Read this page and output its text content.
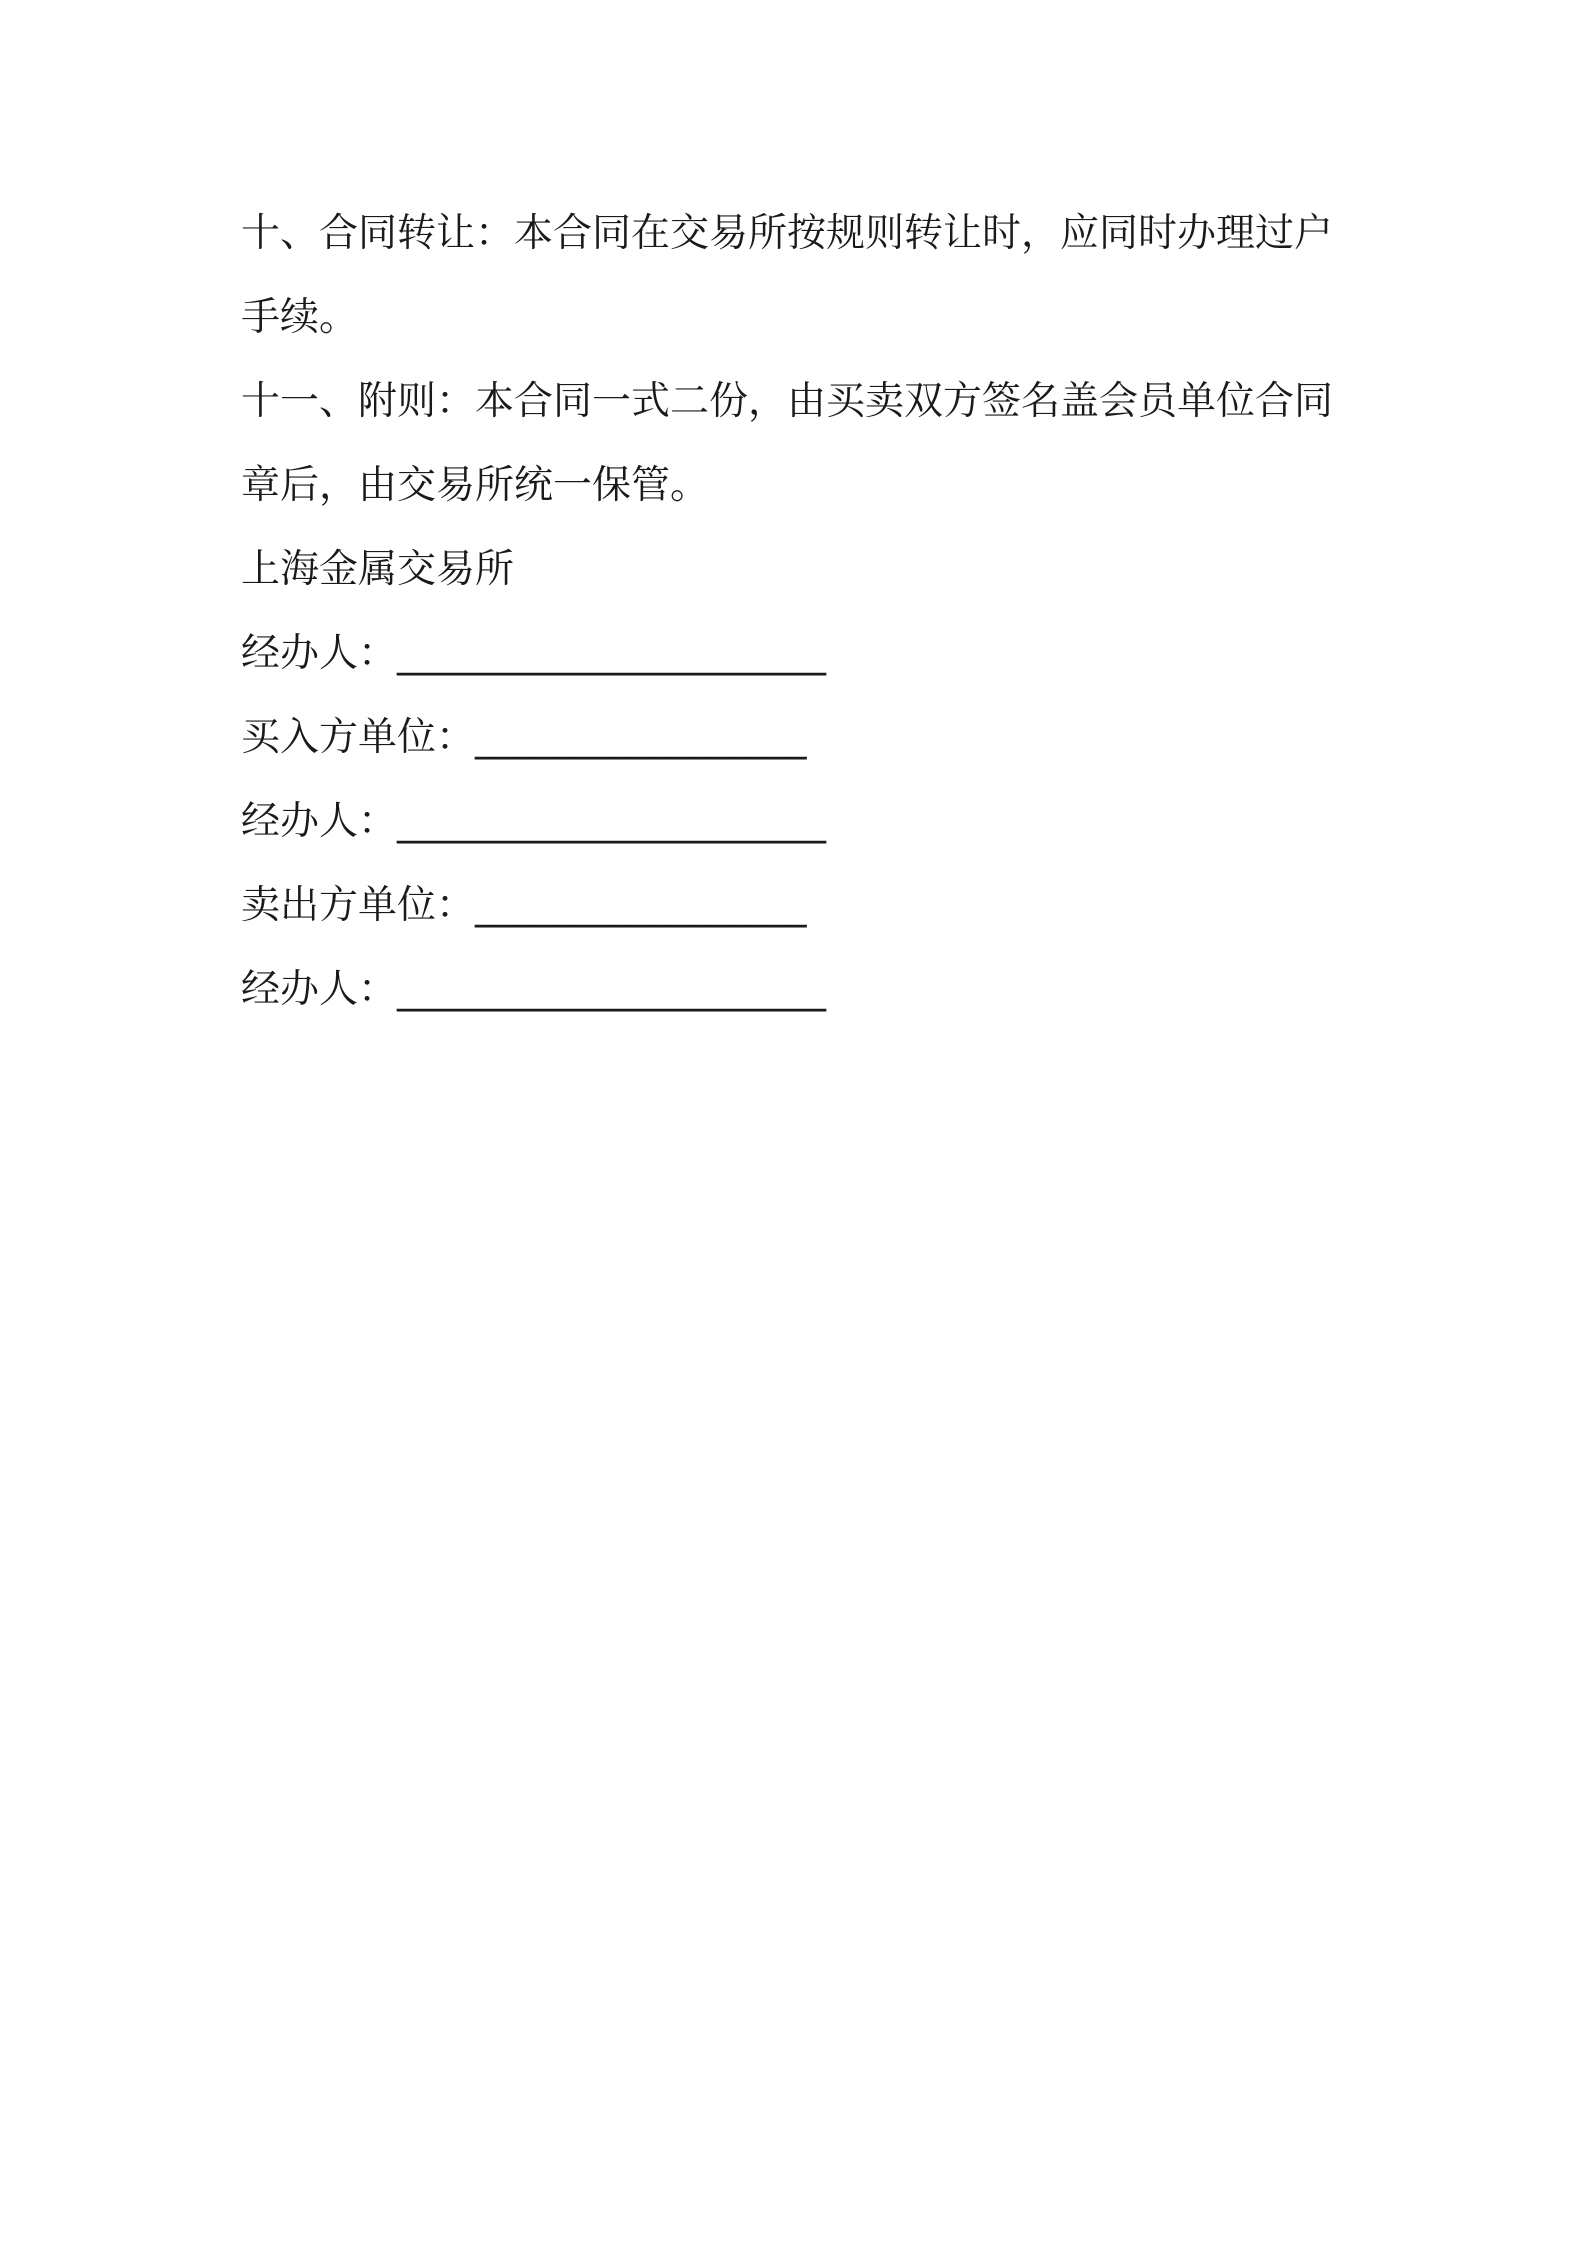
十、合同转让：本合同在交易所按规则转让时，应同时办理过户

手续。

十一、附则：本合同一式二份，由买卖双方签名盖会员单位合同

章后，由交易所统一保管。

上海金属交易所

经办人：______________________

买入方单位：_________________

经办人：______________________

卖出方单位：_________________

经办人：______________________
